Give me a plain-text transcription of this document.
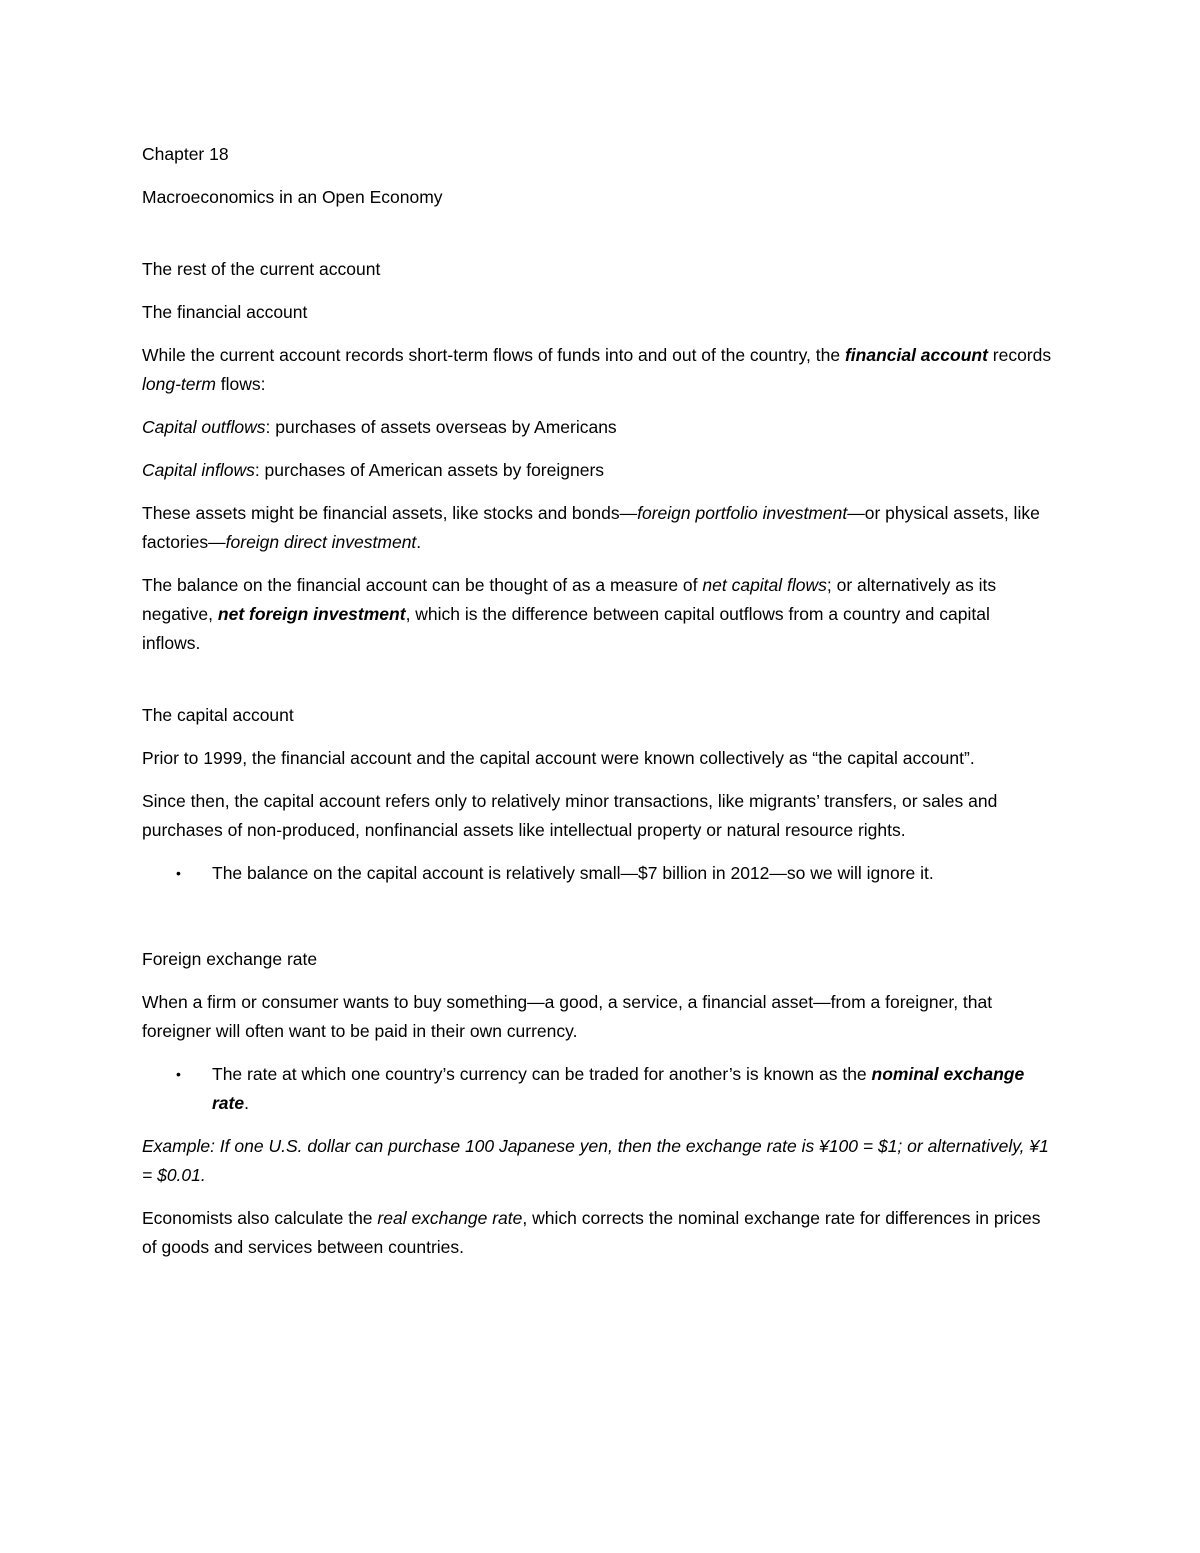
Chapter 18

Macroeconomics in an Open Economy

The rest of the current account

The financial account

While the current account records short-term flows of funds into and out of the country, the financial account records long-term flows:

Capital outflows: purchases of assets overseas by Americans

Capital inflows: purchases of American assets by foreigners

These assets might be financial assets, like stocks and bonds—foreign portfolio investment—or physical assets, like factories—foreign direct investment.

The balance on the financial account can be thought of as a measure of net capital flows; or alternatively as its negative, net foreign investment, which is the difference between capital outflows from a country and capital inflows.

The capital account

Prior to 1999, the financial account and the capital account were known collectively as “the capital account”.

Since then, the capital account refers only to relatively minor transactions, like migrants’ transfers, or sales and purchases of non-produced, nonfinancial assets like intellectual property or natural resource rights.

• The balance on the capital account is relatively small—$7 billion in 2012—so we will ignore it.

Foreign exchange rate

When a firm or consumer wants to buy something—a good, a service, a financial asset—from a foreigner, that foreigner will often want to be paid in their own currency.

• The rate at which one country’s currency can be traded for another’s is known as the nominal exchange rate.

Example: If one U.S. dollar can purchase 100 Japanese yen, then the exchange rate is ¥100 = $1; or alternatively, ¥1 = $0.01.

Economists also calculate the real exchange rate, which corrects the nominal exchange rate for differences in prices of goods and services between countries.
